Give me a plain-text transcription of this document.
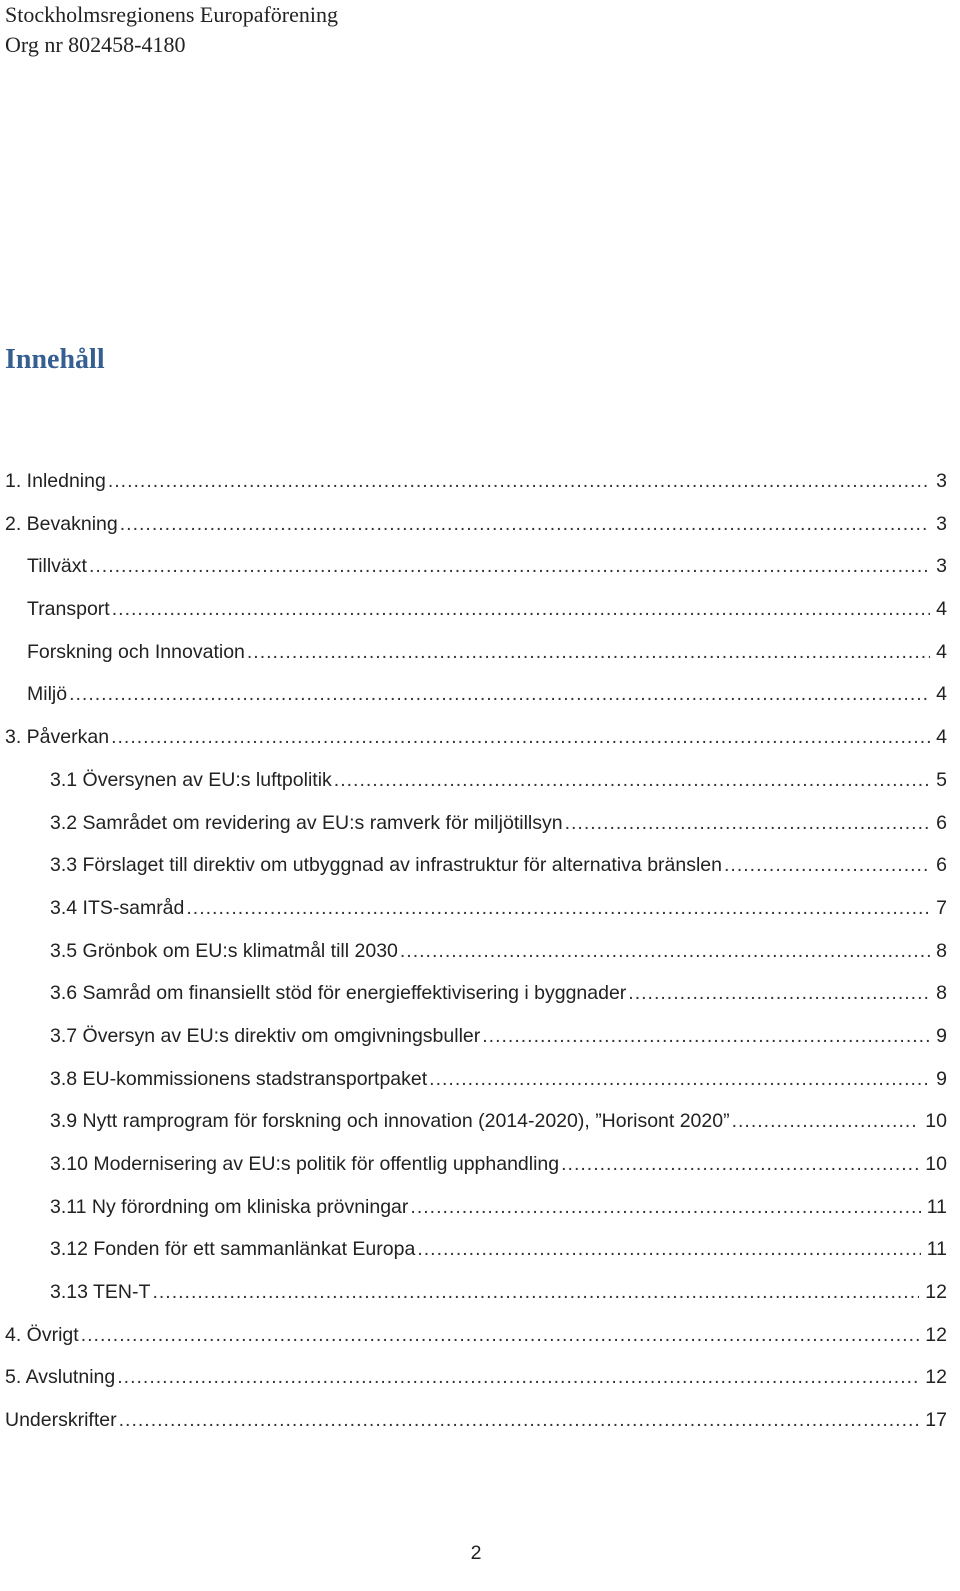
Stockholmsregionens Europaförening
Org nr 802458-4180
Innehåll
1. Inledning .....	3
2. Bevakning .....	3
Tillväxt .....	3
Transport .....	4
Forskning och Innovation .....	4
Miljö .....	4
3. Påverkan .....	4
3.1 Översynen av EU:s luftpolitik .....	5
3.2 Samrådet om revidering av EU:s ramverk för miljötillsyn .....	6
3.3 Förslaget till direktiv om utbyggnad av infrastruktur för alternativa bränslen .....	6
3.4 ITS-samråd .....	7
3.5 Grönbok om EU:s klimatmål till 2030 .....	8
3.6 Samråd om finansiellt stöd för energieffektivisering i byggnader .....	8
3.7 Översyn av EU:s direktiv om omgivningsbuller .....	9
3.8 EU-kommissionens stadstransportpaket .....	9
3.9 Nytt ramprogram för forskning och innovation (2014-2020), ”Horisont 2020” .....	10
3.10 Modernisering av EU:s politik för offentlig upphandling .....	10
3.11 Ny förordning om kliniska prövningar .....	11
3.12 Fonden för ett sammanlänkat Europa .....	11
3.13 TEN-T .....	12
4. Övrigt .....	12
5. Avslutning .....	12
Underskrifter .....	17
2
